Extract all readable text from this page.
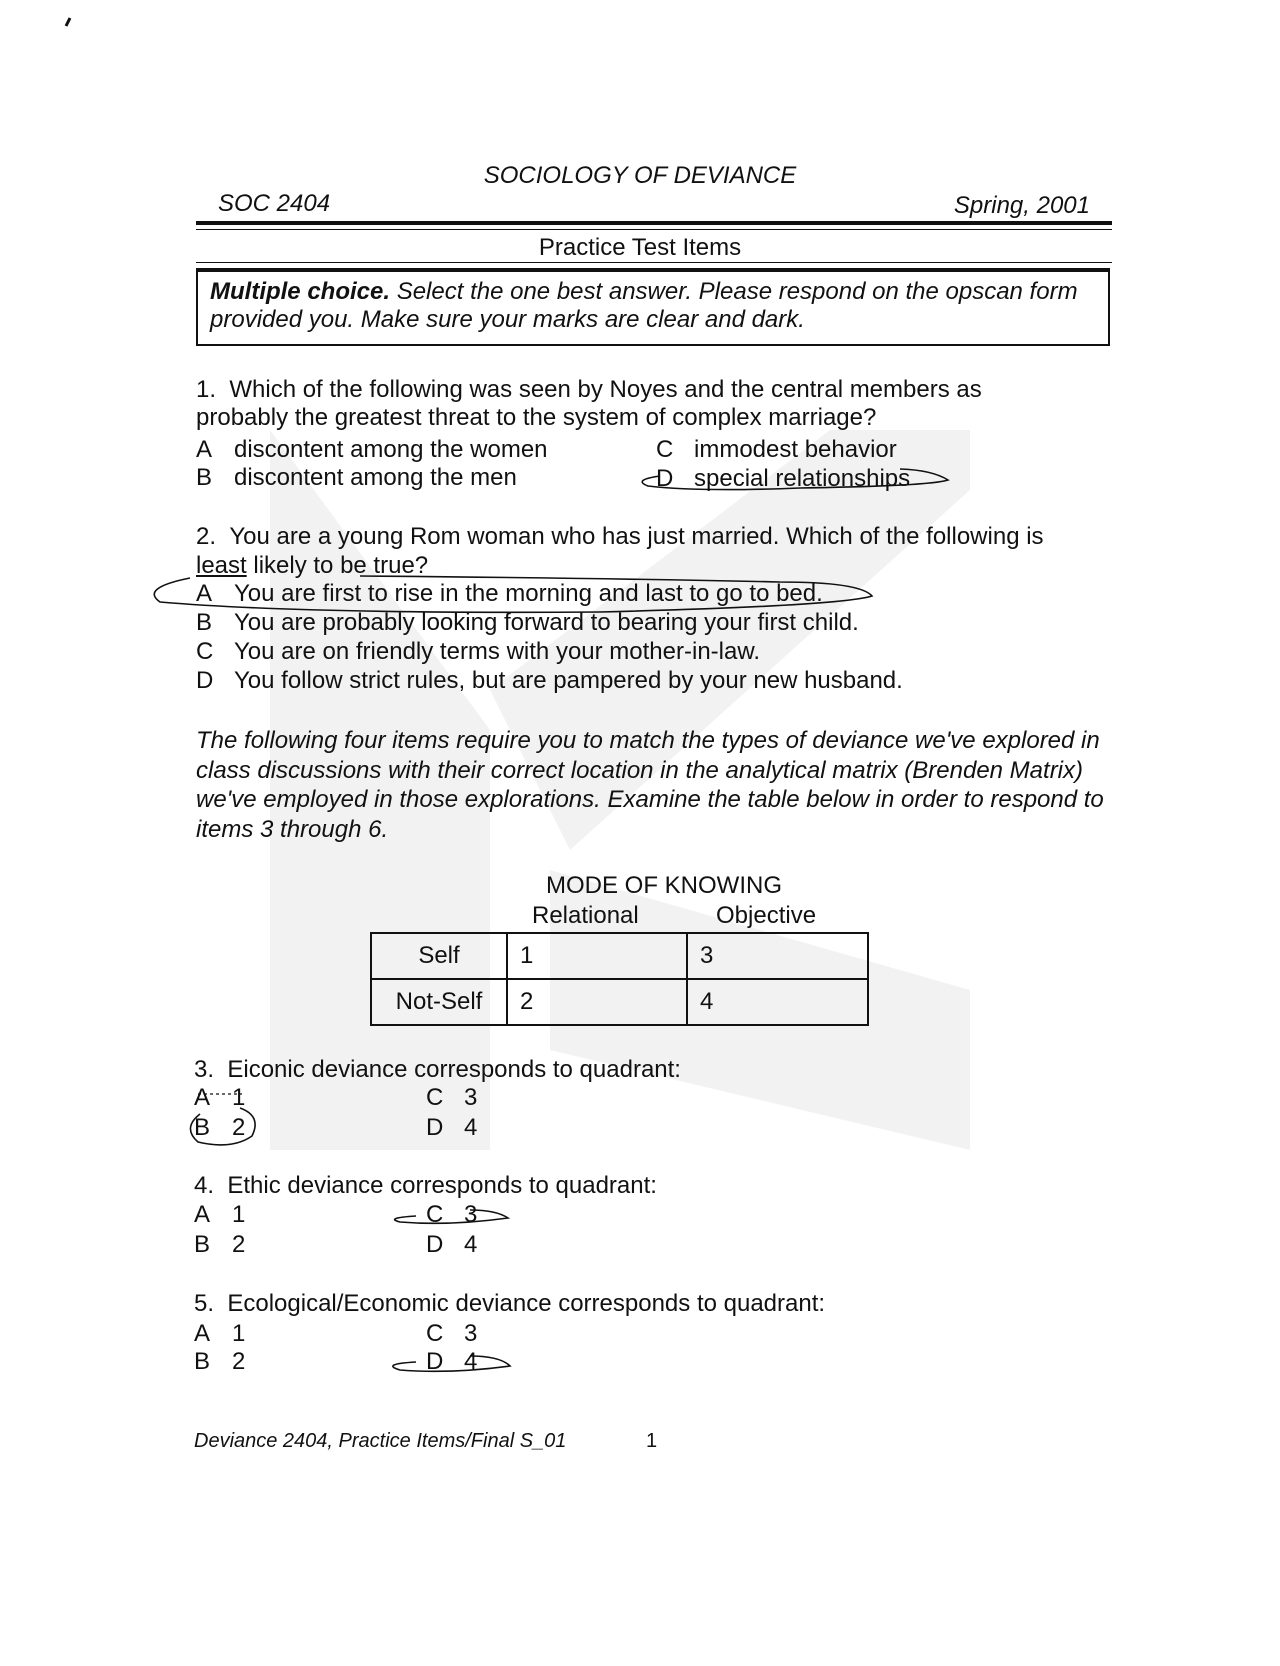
SOCIOLOGY OF DEVIANCE
SOC 2404	Spring, 2001
Practice Test Items
Multiple choice. Select the one best answer. Please respond on the opscan form provided you. Make sure your marks are clear and dark.
1. Which of the following was seen by Noyes and the central members as probably the greatest threat to the system of complex marriage?
A discontent among the women
B discontent among the men
C immodest behavior
D special relationships
2. You are a young Rom woman who has just married. Which of the following is
least likely to be true?
A You are first to rise in the morning and last to go to bed.
B You are probably looking forward to bearing your first child.
C You are on friendly terms with your mother-in-law.
D You follow strict rules, but are pampered by your new husband.
The following four items require you to match the types of deviance we've explored in class discussions with their correct location in the analytical matrix (Brenden Matrix) we've employed in those explorations. Examine the table below in order to respond to items 3 through 6.
MODE OF KNOWING
Relational	Objective
Self	1	3
Not-Self	2	4
3. Eiconic deviance corresponds to quadrant:
A 1
B 2
C 3
D 4
4. Ethic deviance corresponds to quadrant:
A 1
B 2
C 3
D 4
5. Ecological/Economic deviance corresponds to quadrant:
A 1
B 2
C 3
D 4
Deviance 2404, Practice Items/Final S_01	1
